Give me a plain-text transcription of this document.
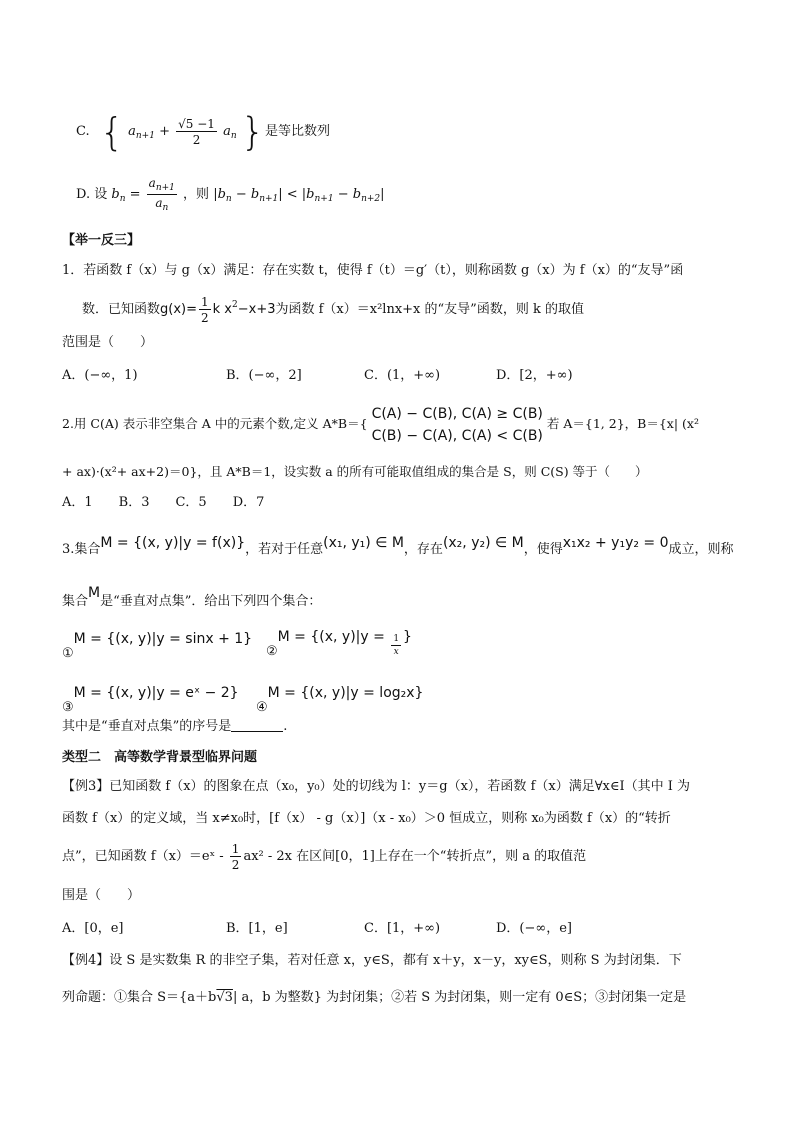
C. { $a_{n+1} + \frac{√5 -1}{2} a_n$ }是等比数列
D. 设 $b_n = \frac{a_{n+1}}{a_n}$ ，则 $|b_n - b_{n+1}| < |b_{n+1} - b_{n+2}|$
【举一反三】
1．若函数 f（x）与 g（x）满足：存在实数 t，使得 f（t）＝g′（t），则称函数 g（x）为 f（x）的“友导”函
数．已知函数$g(x)= \frac{1}{2}$ k $x^2-x+3$为函数 f（x）＝x²lnx+x 的“友导”函数，则 k 的取值
范围是（　　）
A．(−∞，1)	B．(−∞，2]	C．(1，+∞)	D．[2，+∞)
2.用 C(A) 表示非空集合 A 中的元素个数,定义 A*B＝{
C(A) − C(B), C(A) ≥ C(B)
C(B) − C(A), C(A) < C(B)
若 A＝{1, 2}，B＝{x| (x²
+ ax)·(x²+ ax+2)＝0}，且 A*B＝1，设实数 a 的所有可能取值组成的集合是 S，则 C(S) 等于（　　）
A．1　　B．3　　C．5　　D．7
3.集合M = {(x, y)|y = f(x)}，若对于任意(x₁, y₁) ∈ M，存在(x₂, y₂) ∈ M，使得x₁x₂ + y₁y₂ = 0成立，则称
集合M是“垂直对点集”．给出下列四个集合：
①M = {(x, y)|y = sinx + 1}
②M = {(x, $y)|y = \frac{1}{x}$ }
③M = {(x, y)|y = eˣ − 2}
④M = {(x, y)|y = log₂x}
其中是“垂直对点集”的序号是	.
类型二　高等数学背景型临界问题
【例3】已知函数 f（x）的图象在点（x₀，y₀）处的切线为 l：y＝g（x），若函数 f（x）满足∀x∈I（其中 I 为
函数 f（x）的定义域，当 x≠x₀时，[f（x） - g（x）]（x - x₀）＞0 恒成立，则称 x₀为函数 f（x）的“转折
点”，已知函数 f（x）＝eˣ - $\frac{1}{2} ax^2 - 2x$ 在区间[0，1]上存在一个“转折点”，则 a 的取值范
围是（　　）
A．[0，e]	B．[1，e]	C．[1，+∞)	D．(−∞，e]
【例4】设 S 是实数集 R 的非空子集，若对任意 x，y∈S，都有 x＋y，x－y，xy∈S，则称 S 为封闭集．下
列命题：①集合 S＝{a＋b√3| a，b 为整数} 为封闭集；②若 S 为封闭集，则一定有 0∈S；③封闭集一定是
